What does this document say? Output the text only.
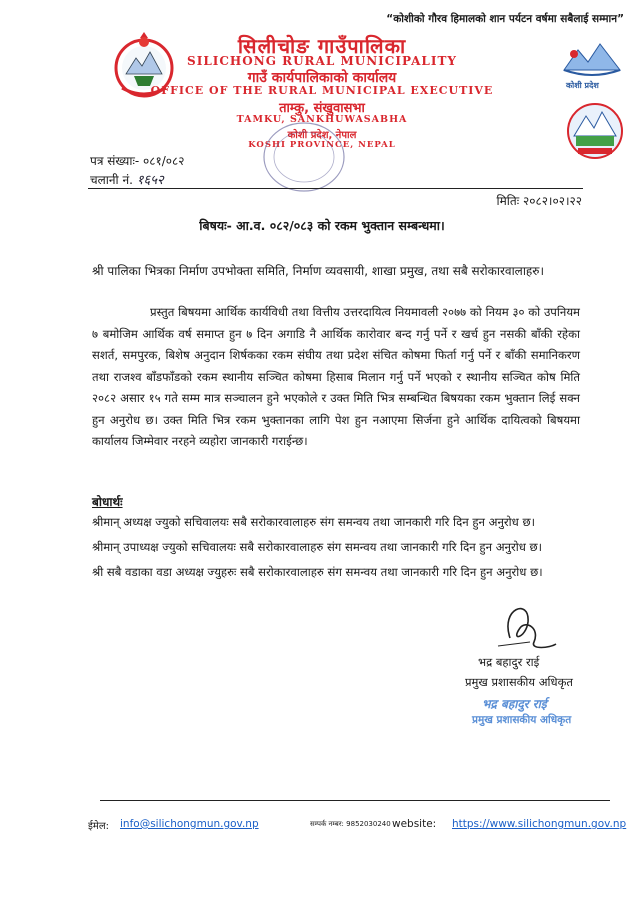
“कोशीको गौरव हिमालको शान पर्यटन वर्षमा सबैलाई सम्मान”
कोशी प्रदेश
सिलीचोङ गाउँपालिका
SILICHONG RURAL MUNICIPALITY
गाउँ कार्यपालिकाको कार्यालय
OFFICE OF THE RURAL MUNICIPAL EXECUTIVE
ताम्कु, संखुवासभा
TAMKU, SANKHUWASABHA
कोशी प्रदेश, नेपाल
KOSHI PROVINCE, NEPAL
पत्र संख्याः- ०८१/०८२
चलानी नं. १६५२
मितिः २०८२।०२।२२
बिषयः- आ.व. ०८२/०८३ को रकम भुक्तान सम्बन्धमा।
श्री पालिका भित्रका निर्माण उपभोक्ता समिति, निर्माण व्यवसायी, शाखा प्रमुख, तथा सबै सरोकारवालाहरु।
प्रस्तुत बिषयमा आर्थिक कार्यविधी तथा वित्तीय उत्तरदायित्व नियमावली २०७७ को नियम ३० को उपनियम ७ बमोजिम आर्थिक वर्ष समाप्त हुन ७ दिन अगाडि नै आर्थिक कारोवार बन्द गर्नु पर्ने र खर्च हुन नसकी बाँकी रहेका सशर्त, समपुरक, बिशेष अनुदान शिर्षकका रकम संघीय तथा प्रदेश संचित कोषमा फिर्ता गर्नु पर्ने र बाँकी समानिकरण तथा राजश्व बाँडफाँडको रकम स्थानीय सञ्चित कोषमा हिसाब मिलान गर्नु पर्ने भएको र स्थानीय सञ्चित कोष मिति २०८२ असार १५ गते सम्म मात्र सञ्चालन हुने भएकोले र उक्त मिति भित्र सम्बन्धित बिषयका रकम भुक्तान लिई सक्न हुन अनुरोध छ। उक्त मिति भित्र रकम भुक्तानका लागि पेश हुन नआएमा सिर्जना हुने आर्थिक दायित्वको बिषयमा कार्यालय जिम्मेवार नरहने व्यहोरा जानकारी गराईन्छ।
बोधार्थः
श्रीमान् अध्यक्ष ज्युको सचिवालयः सबै सरोकारवालाहरु संग समन्वय तथा जानकारी गरि दिन हुन अनुरोध छ।
श्रीमान् उपाध्यक्ष ज्युको सचिवालयः सबै सरोकारवालाहरु संग समन्वय तथा जानकारी गरि दिन हुन अनुरोध छ।
श्री सबै वडाका वडा अध्यक्ष ज्युहरुः सबै सरोकारवालाहरु संग समन्वय तथा जानकारी गरि दिन हुन अनुरोध छ।
भद्र बहादुर राई
प्रमुख प्रशासकीय अधिकृत
भद्र बहादुर राई
प्रमुख प्रशासकीय अधिकृत
ईमेल: info@silichongmun.gov.np	सम्पर्क नम्बर: 9852030240 website: https://www.silichongmun.gov.np
